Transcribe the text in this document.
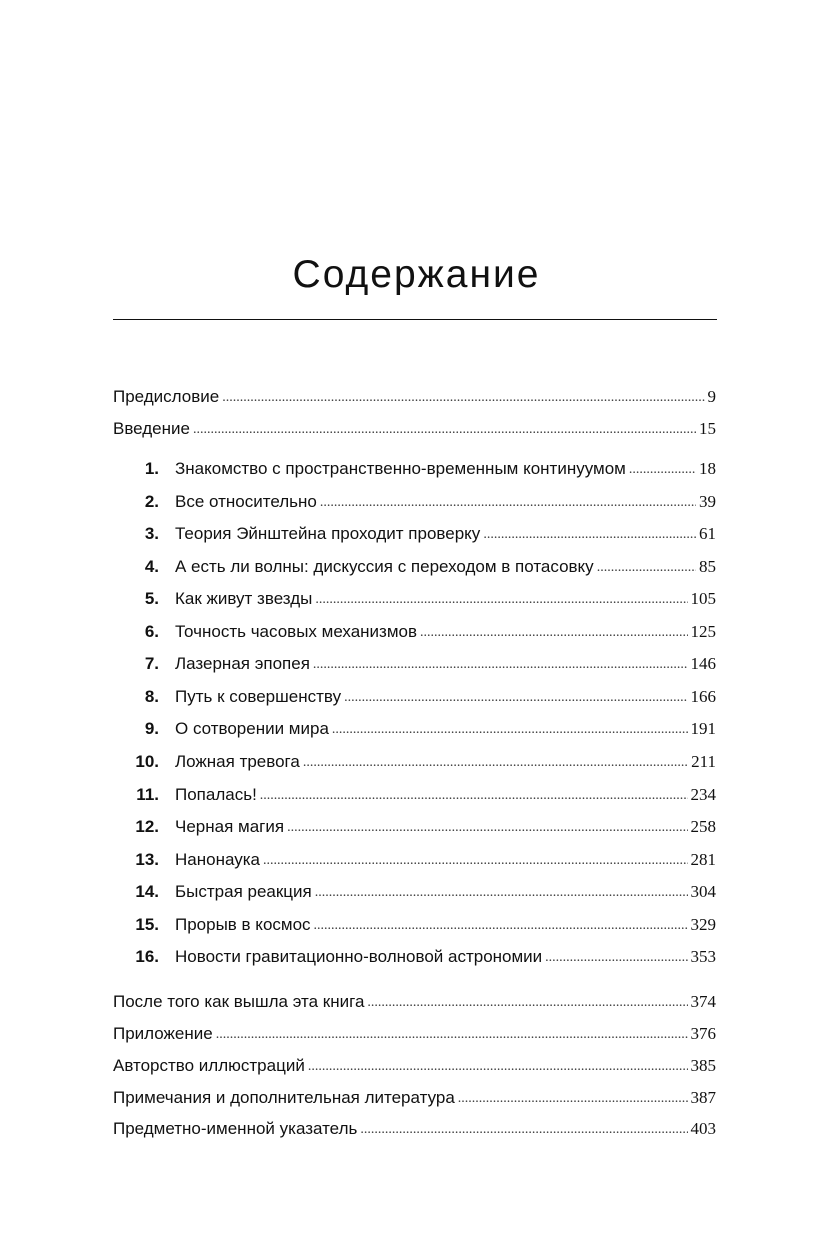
Содержание
Предисловие .....	9
Введение .....	15
1. Знакомство с пространственно-временным континуумом .....	18
2. Все относительно .....	39
3. Теория Эйнштейна проходит проверку .....	61
4. А есть ли волны: дискуссия с переходом в потасовку .....	85
5. Как живут звезды .....	105
6. Точность часовых механизмов .....	125
7. Лазерная эпопея .....	146
8. Путь к совершенству .....	166
9. О сотворении мира .....	191
10. Ложная тревога .....	211
11. Попалась! .....	234
12. Черная магия .....	258
13. Нанонаука .....	281
14. Быстрая реакция .....	304
15. Прорыв в космос .....	329
16. Новости гравитационно-волновой астрономии .....	353
После того как вышла эта книга .....	374
Приложение .....	376
Авторство иллюстраций .....	385
Примечания и дополнительная литература .....	387
Предметно-именной указатель .....	403
